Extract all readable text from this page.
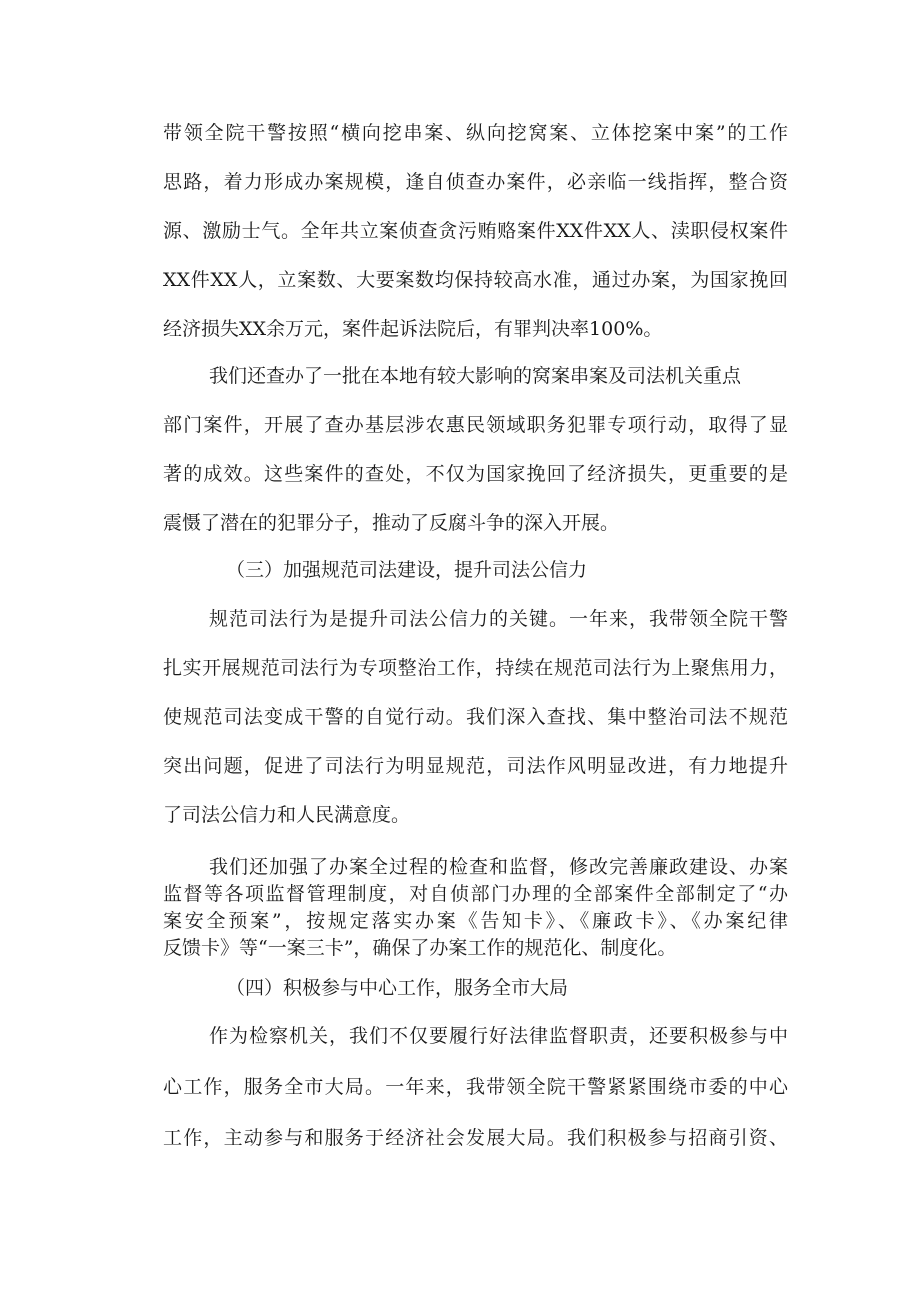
带领全院干警按照“横向挖串案、纵向挖窝案、立体挖案中案”的工作
思路，着力形成办案规模，逢自侦查办案件，必亲临一线指挥，整合资
源、激励士气。全年共立案侦查贪污贿赂案件XX件XX人、渎职侵权案件
XX件XX人，立案数、大要案数均保持较高水准，通过办案，为国家挽回
经济损失XX余万元，案件起诉法院后，有罪判决率100%。
我们还查办了一批在本地有较大影响的窝案串案及司法机关重点
部门案件，开展了查办基层涉农惠民领域职务犯罪专项行动，取得了显
著的成效。这些案件的查处，不仅为国家挽回了经济损失，更重要的是
震慑了潜在的犯罪分子，推动了反腐斗争的深入开展。
（三）加强规范司法建设，提升司法公信力
规范司法行为是提升司法公信力的关键。一年来，我带领全院干警
扎实开展规范司法行为专项整治工作，持续在规范司法行为上聚焦用力，
使规范司法变成干警的自觉行动。我们深入查找、集中整治司法不规范
突出问题，促进了司法行为明显规范，司法作风明显改进，有力地提升
了司法公信力和人民满意度。
我们还加强了办案全过程的检查和监督，修改完善廉政建设、办案
监督等各项监督管理制度，对自侦部门办理的全部案件全部制定了“办
案安全预案”，按规定落实办案《告知卡》、《廉政卡》、《办案纪律
反馈卡》等“一案三卡”，确保了办案工作的规范化、制度化。
（四）积极参与中心工作，服务全市大局
作为检察机关，我们不仅要履行好法律监督职责，还要积极参与中
心工作，服务全市大局。一年来，我带领全院干警紧紧围绕市委的中心
工作，主动参与和服务于经济社会发展大局。我们积极参与招商引资、
